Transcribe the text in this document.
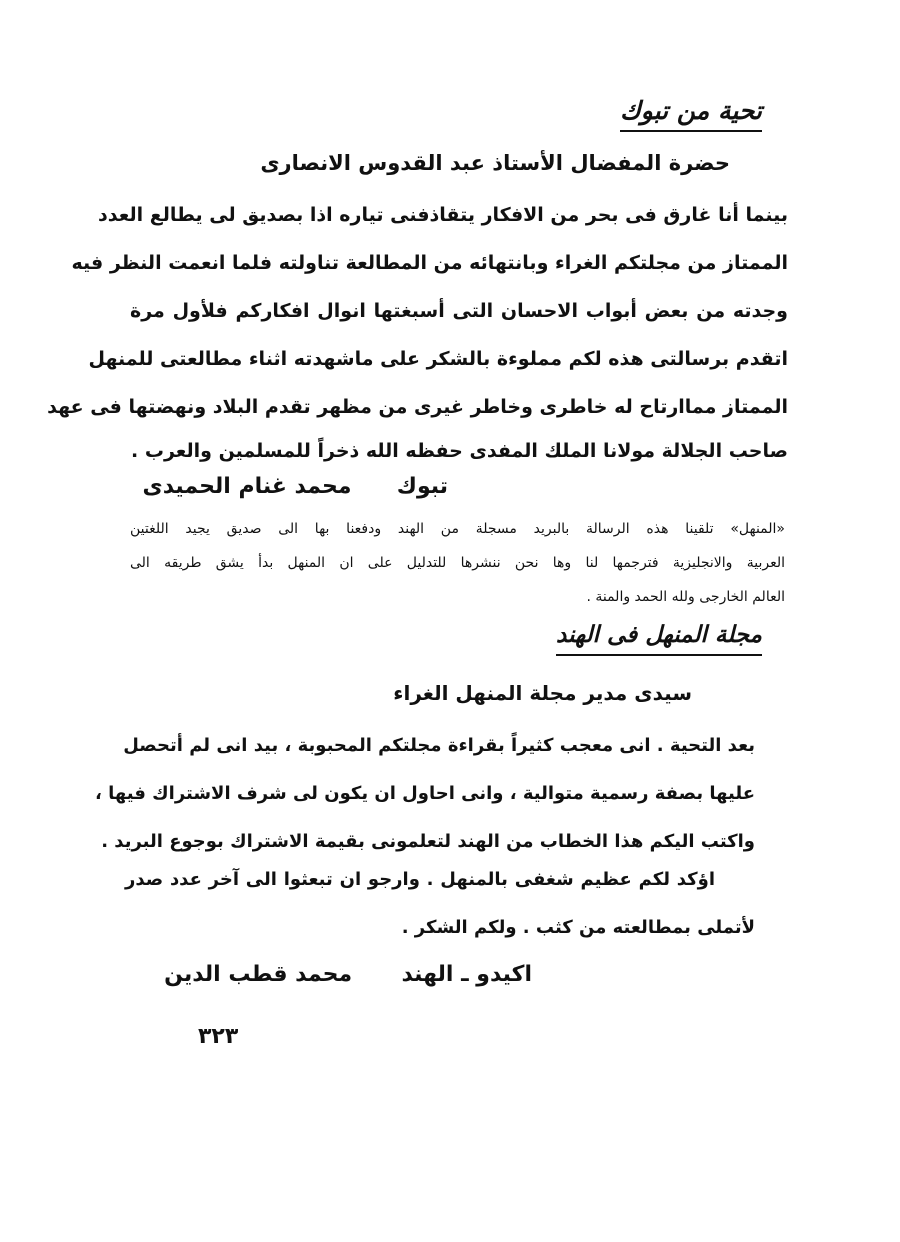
تحية من تبوك
حضرة المفضال الأستاذ عبد القدوس الانصارى
بينما أنا غارق فى بحر من الافكار يتقاذفنى تياره اذا بصديق لى يطالع العدد
الممتاز من مجلتكم الغراء وبانتهائه من المطالعة تناولته فلما انعمت النظر فيه
وجدته من بعض أبواب الاحسان التى أسبغتها انوال افكاركم فلأول مرة
اتقدم برسالتى هذه لكم مملوءة بالشكر على ماشهدته اثناء مطالعتى للمنهل
الممتاز مماارتاح له خاطرى وخاطر غيرى من مظهر تقدم البلاد ونهضتها فى عهد
صاحب الجلالة مولانا الملك المفدى حفظه الله ذخراً للمسلمين والعرب .
تبوك  محمد غنام الحميدى
«المنهل» تلقينا هذه الرسالة بالبريد مسجلة من الهند ودفعنا بها الى صديق يجيد اللغتين
العربية والانجليزية فترجمها لنا وها نحن ننشرها للتدليل على ان المنهل بدأ يشق طريقه الى
العالم الخارجى ولله الحمد والمنة .
مجلة المنهل فى الهند
سيدى مدير مجلة المنهل الغراء
بعد التحية . انى معجب كثيراً بقراءة مجلتكم المحبوبة ، بيد انى لم أتحصل
عليها بصفة رسمية متوالية ، وانى احاول ان يكون لى شرف الاشتراك فيها ،
واكتب اليكم هذا الخطاب من الهند لتعلمونى بقيمة الاشتراك بوجوع البريد .
اؤكد لكم عظيم شغفى بالمنهل . وارجو ان تبعثوا الى آخر عدد صدر
لأتملى بمطالعته من كثب . ولكم الشكر .
اكيدو ـ الهند  محمد قطب الدين
٣٢٣
